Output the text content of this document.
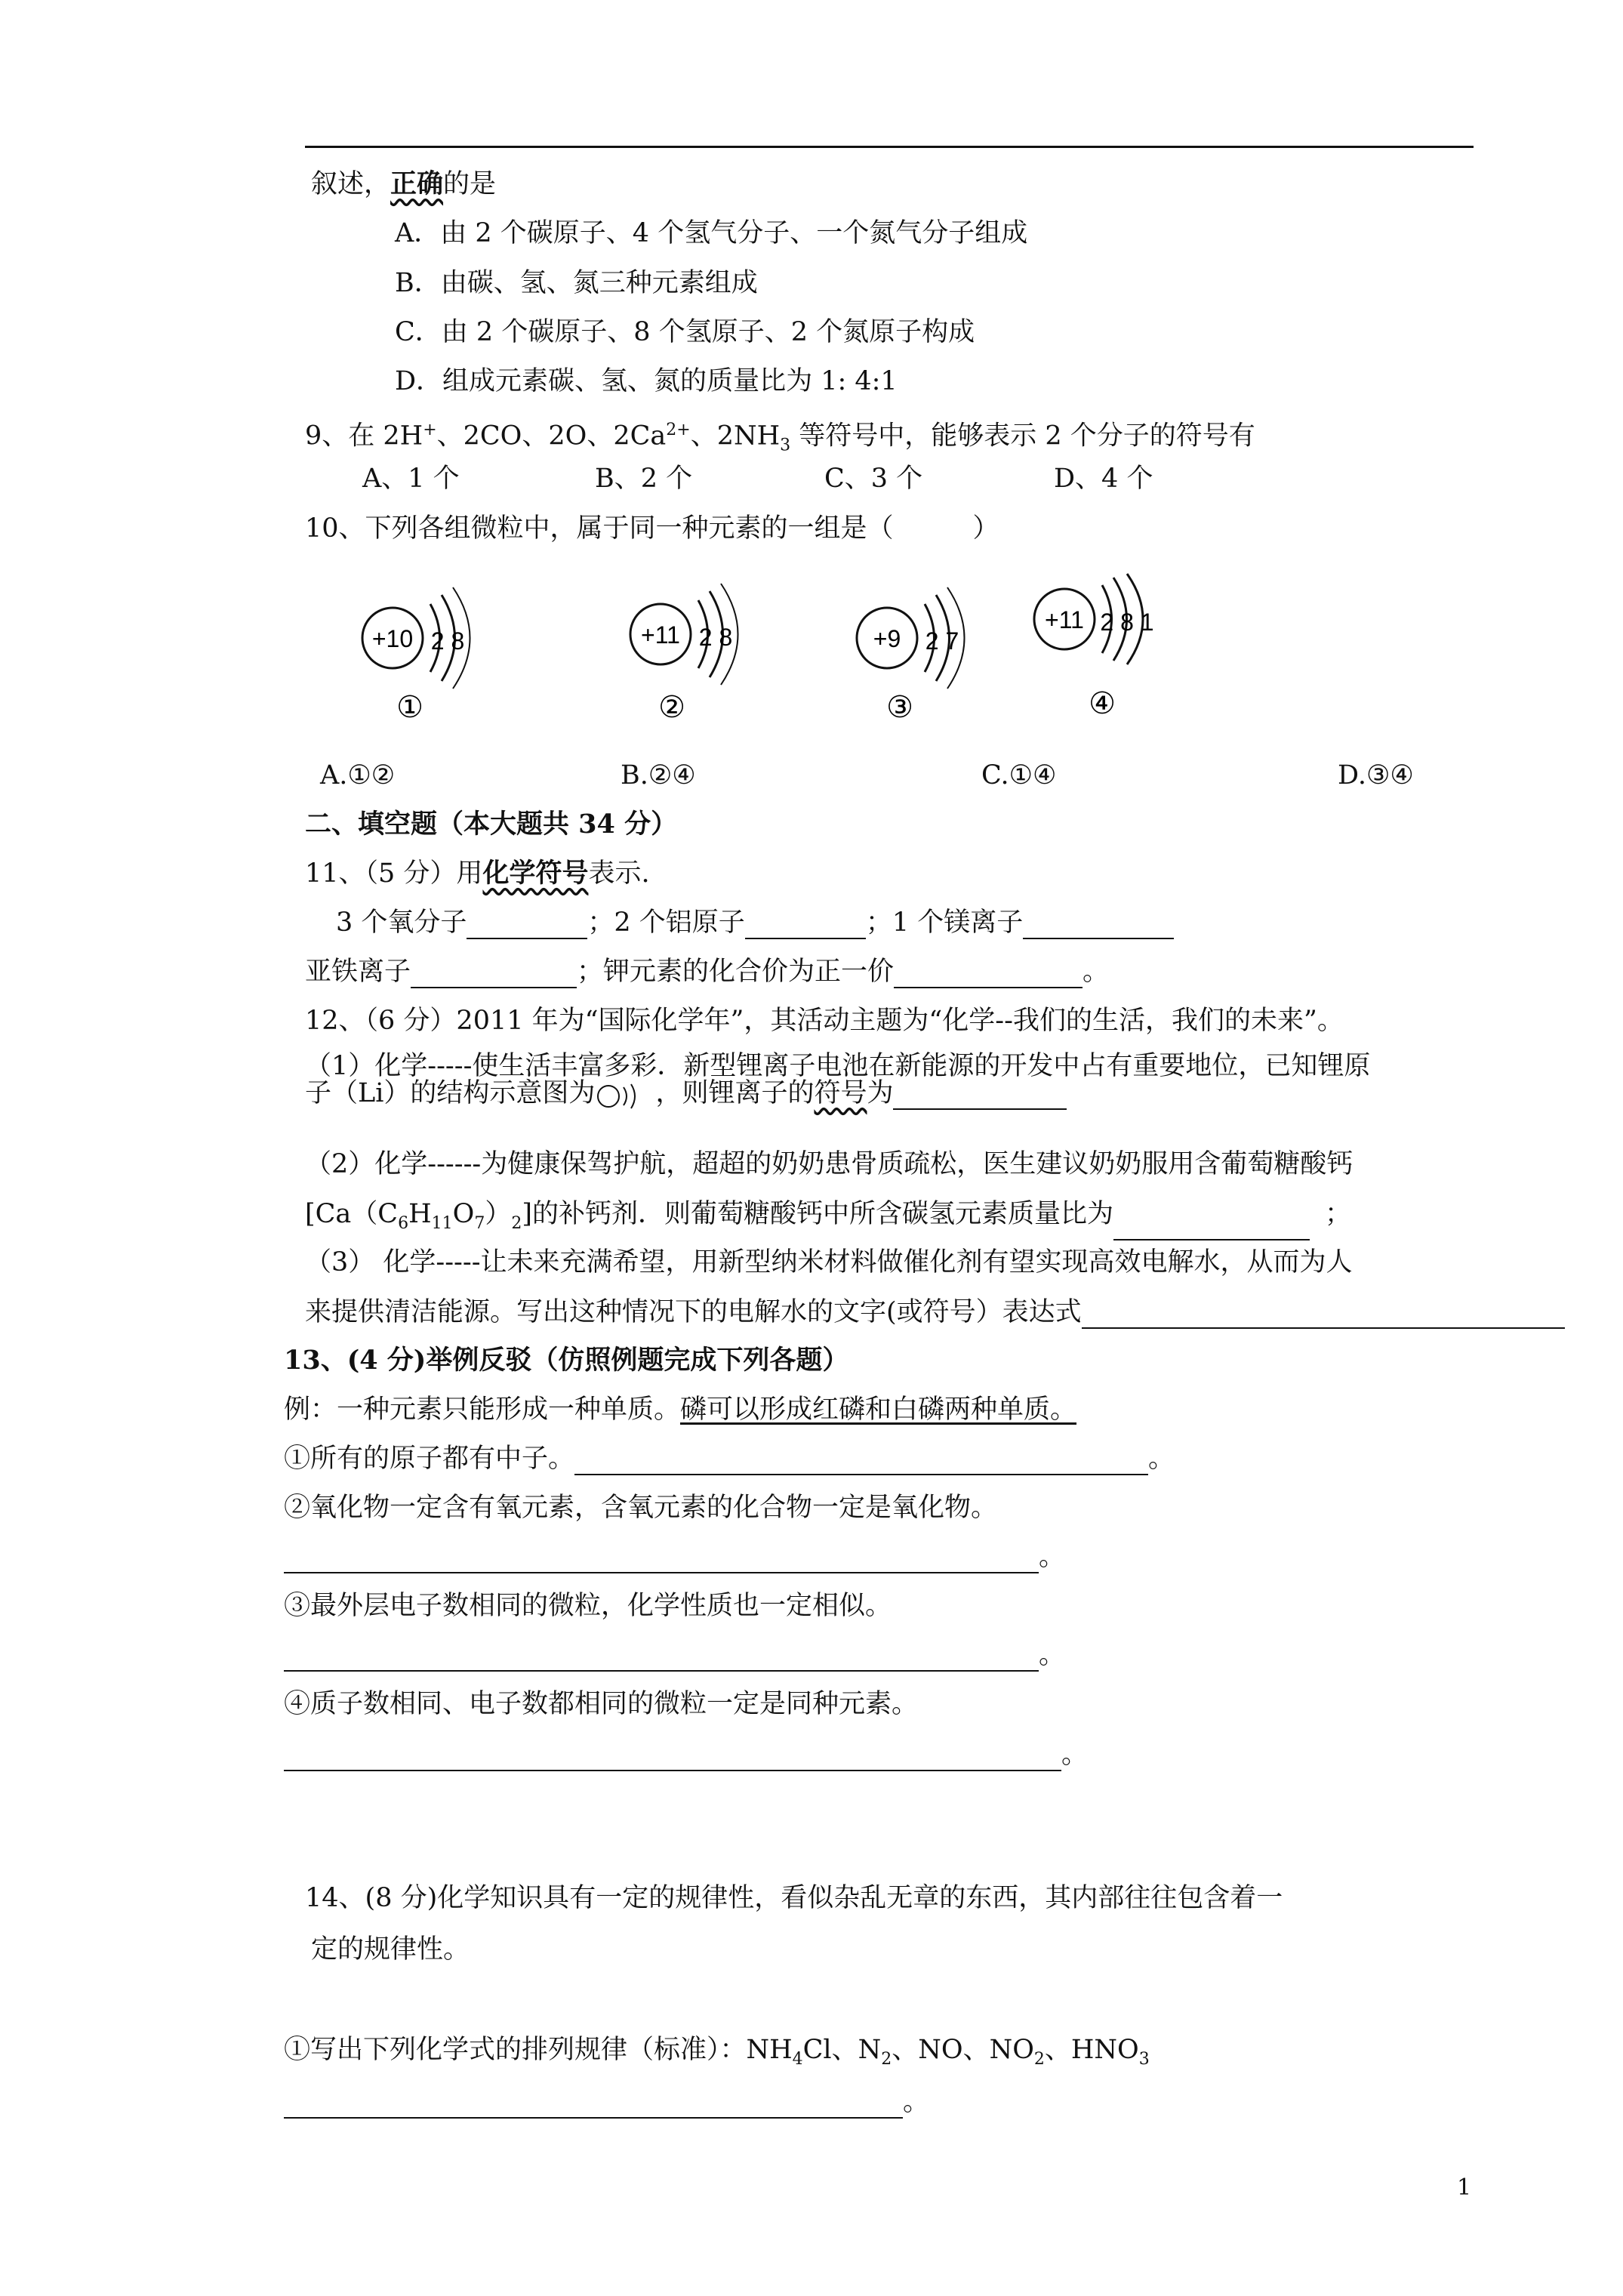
叙述，正确的是
A．由 2 个碳原子、4 个氢气分子、一个氮气分子组成
B．由碳、氢、氮三种元素组成
C．由 2 个碳原子、8 个氢原子、2 个氮原子构成
D．组成元素碳、氢、氮的质量比为 1: 4:1
9、在 2H+、2CO、2O、$2Ca^{2+}$、$2NH_3$ 等符号中，能够表示 2 个分子的符号有
A、1 个	B、2 个	C、3 个	D、4 个
10、下列各组微粒中，属于同一种元素的一组是（　　　）
+10 2 8
①
+11 2 8
②
+9 2 7
③
+11 2 8 1
④
A.①②	B.②④	C.①④	D.③④
二、填空题（本大题共 34 分）
11、（5 分）用化学符号表示.
3 个氧分子	；2 个铝原子	；1 个镁离子
亚铁离子	；钾元素的化合价为正一价	。
12、（6 分）2011 年为“国际化学年”，其活动主题为“化学--我们的生活，我们的未来”。
（1）化学-----使生活丰富多彩．新型锂离子电池在新能源的开发中占有重要地位，已知锂原
子（Li）的结构示意图为 ，则锂离子的符号为
（2）化学------为健康保驾护航，超超的奶奶患骨质疏松，医生建议奶奶服用含葡萄糖酸钙
$[Ca(C_6H_{11}O_7)_2]$的补钙剂．则葡萄糖酸钙中所含碳氢元素质量比为	；
（3） 化学-----让未来充满希望，用新型纳米材料做催化剂有望实现高效电解水，从而为人
来提供清洁能源。写出这种情况下的电解水的文字(或符号）表达式
13、(4 分)举例反驳（仿照例题完成下列各题）
例：一种元素只能形成一种单质。磷可以形成红磷和白磷两种单质。
①所有的原子都有中子。	。
②氧化物一定含有氧元素，含氧元素的化合物一定是氧化物。
。
③最外层电子数相同的微粒，化学性质也一定相似。
。
④质子数相同、电子数都相同的微粒一定是同种元素。
。
14、(8 分)化学知识具有一定的规律性，看似杂乱无章的东西，其内部往往包含着一
定的规律性。
①写出下列化学式的排列规律（标准）：$NH_4Cl$、$N_2$、NO、$NO_2$、$HNO_3$
。
1
